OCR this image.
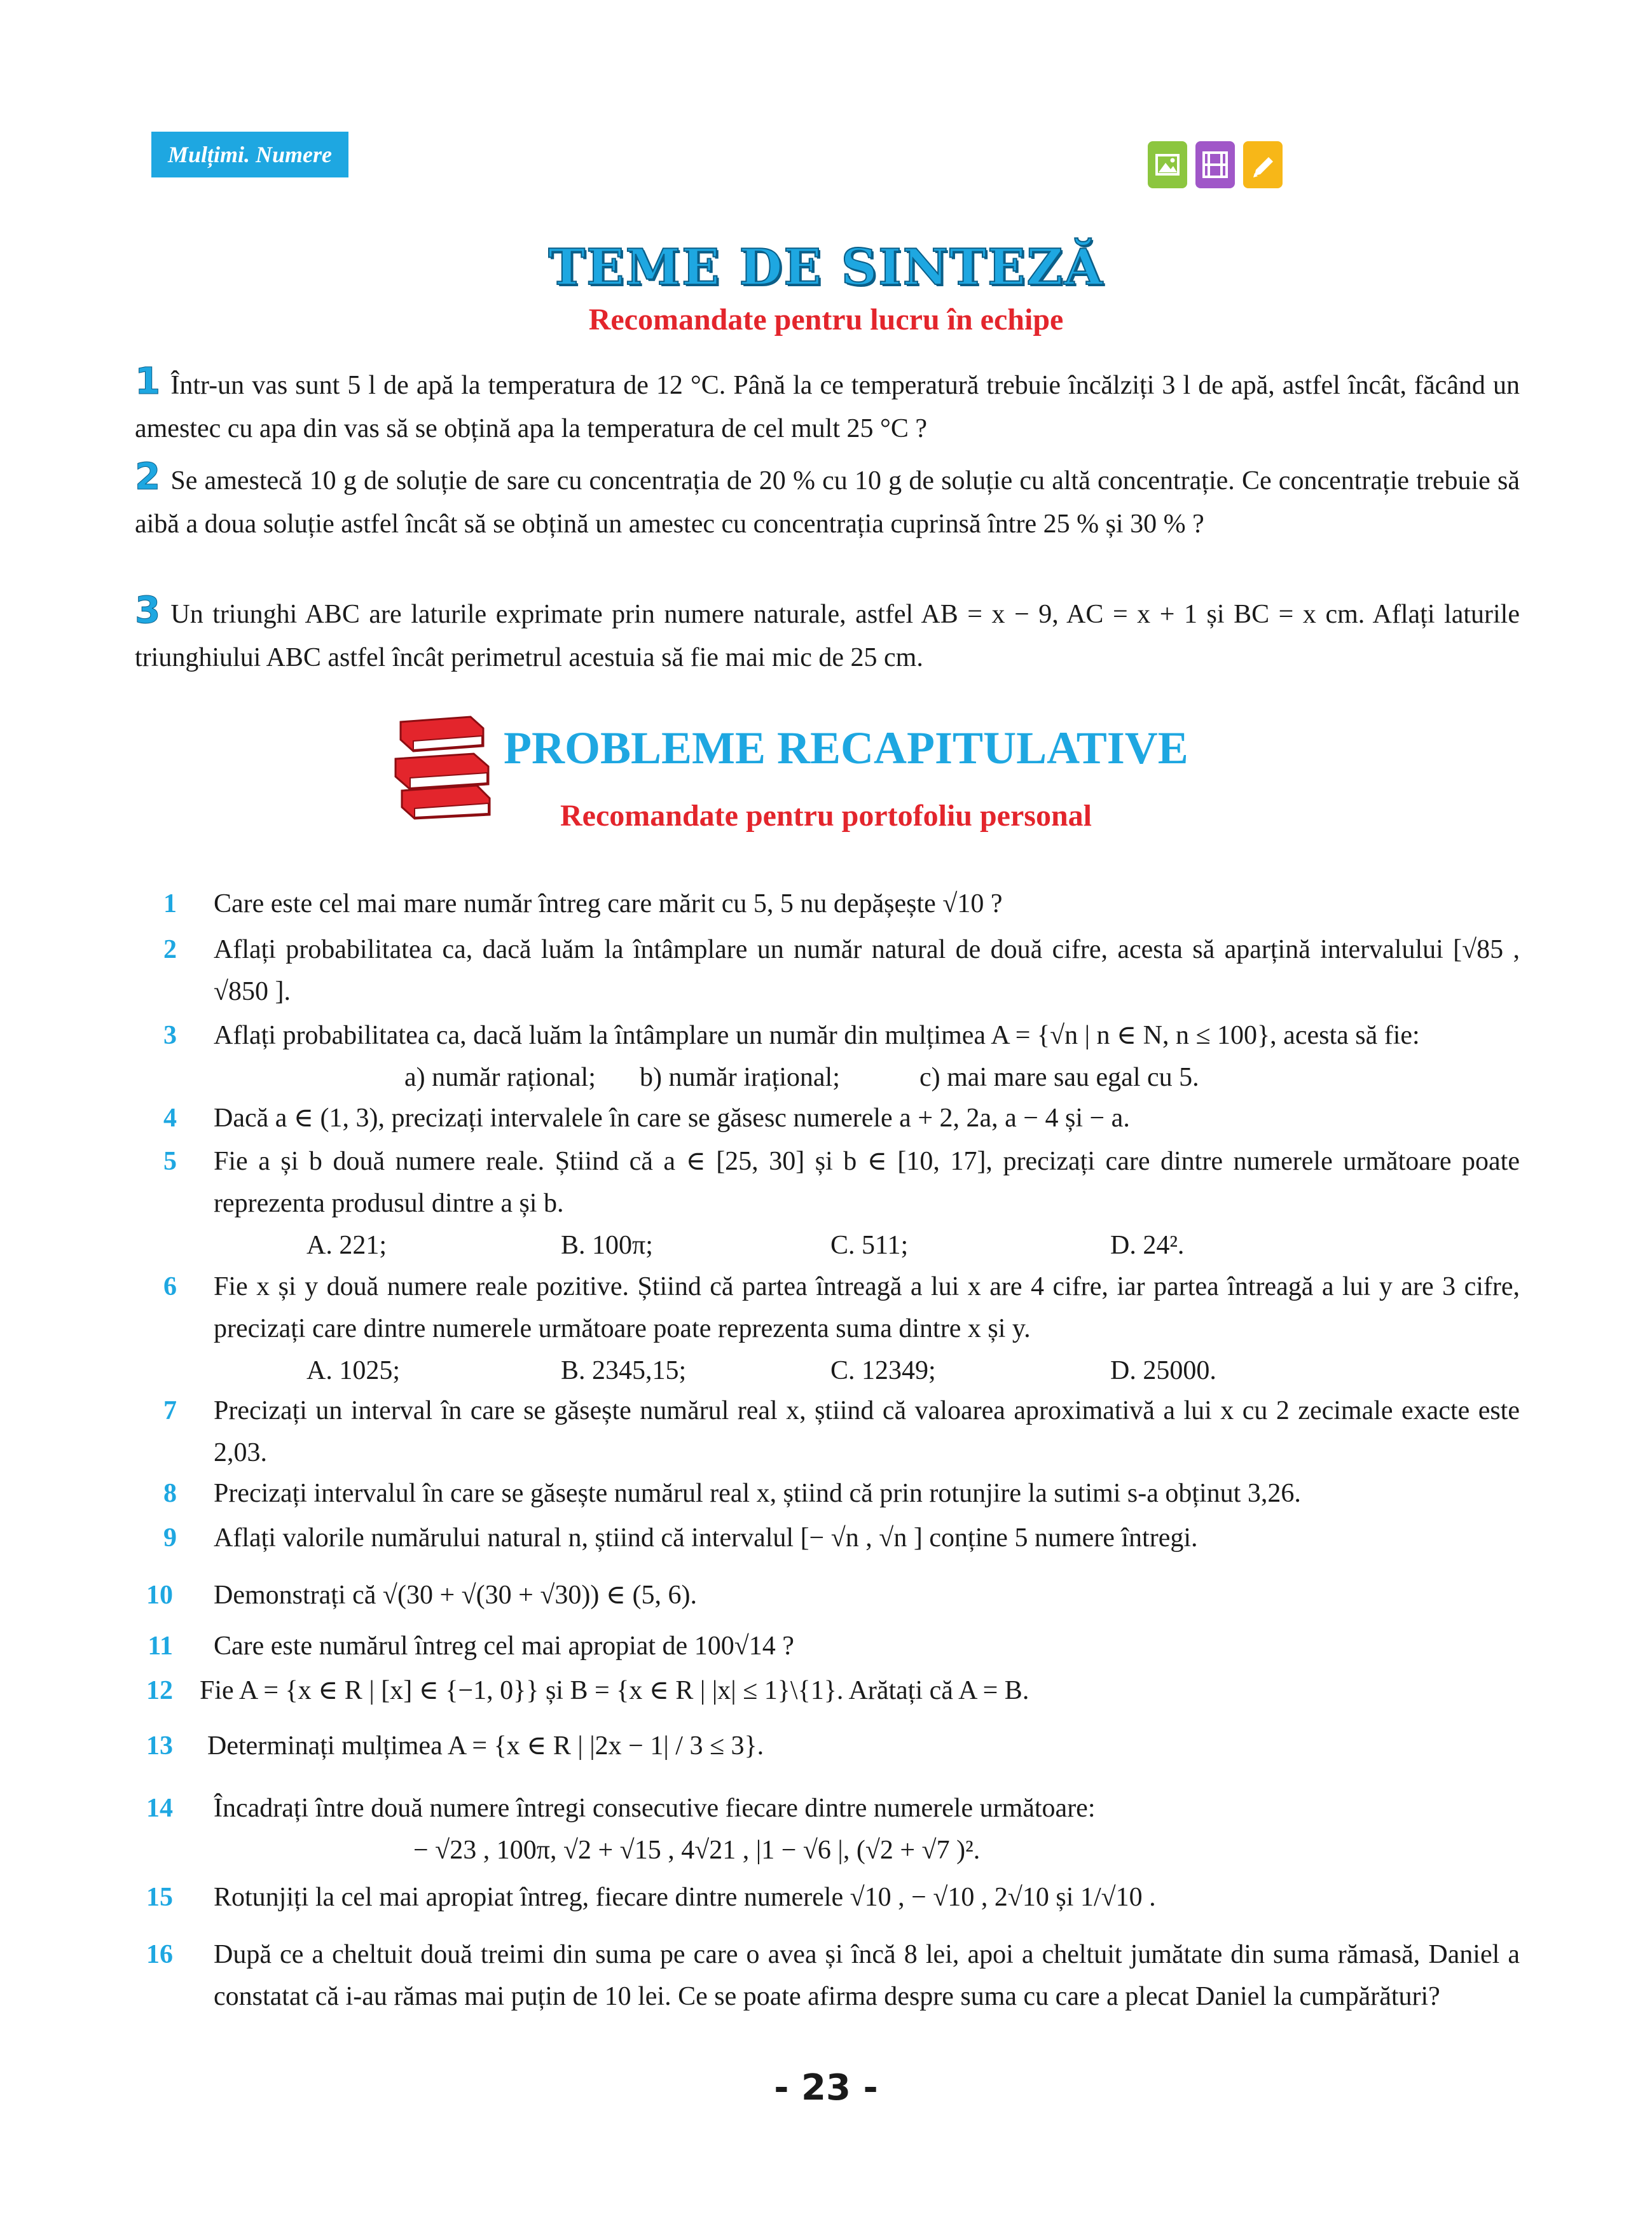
Mulțimi. Numere
TEME DE SINTEZĂ
Recomandate pentru lucru în echipe
1 Într-un vas sunt 5 l de apă la temperatura de 12 °C. Până la ce temperatură trebuie încălziți 3 l de apă, astfel încât, făcând un amestec cu apa din vas să se obțină apa la temperatura de cel mult 25 °C ?
2 Se amestecă 10 g de soluție de sare cu concentrația de 20 % cu 10 g de soluție cu altă concentrație. Ce concentrație trebuie să aibă a doua soluție astfel încât să se obțină un amestec cu concentrația cuprinsă între 25 % și 30 % ?
3 Un triunghi ABC are laturile exprimate prin numere naturale, astfel AB = x − 9, AC = x + 1 și BC = x cm. Aflați laturile triunghiului ABC astfel încât perimetrul acestuia să fie mai mic de 25 cm.
PROBLEME RECAPITULATIVE
Recomandate pentru portofoliu personal
1	Care este cel mai mare număr întreg care mărit cu 5, 5 nu depășește √10 ?
2	Aflați probabilitatea ca, dacă luăm la întâmplare un număr natural de două cifre, acesta să aparțină intervalului [√85 , √850 ].
3	Aflați probabilitatea ca, dacă luăm la întâmplare un număr din mulțimea A = {√n | n ∈ N, n ≤ 100}, acesta să fie:
a) număr rațional;	b) număr irațional;	c) mai mare sau egal cu 5.
4	Dacă a ∈ (1, 3), precizați intervalele în care se găsesc numerele a + 2, 2a, a − 4 și − a.
5	Fie a și b două numere reale. Știind că a ∈ [25, 30] și b ∈ [10, 17], precizați care dintre numerele următoare poate reprezenta produsul dintre a și b.
A. 221;	B. 100π;	C. 511;	D. 24².
6	Fie x și y două numere reale pozitive. Știind că partea întreagă a lui x are 4 cifre, iar partea întreagă a lui y are 3 cifre, precizați care dintre numerele următoare poate reprezenta suma dintre x și y.
A. 1025;	B. 2345,15;	C. 12349;	D. 25000.
7	Precizați un interval în care se găsește numărul real x, știind că valoarea aproximativă a lui x cu 2 zecimale exacte este 2,03.
8	Precizați intervalul în care se găsește numărul real x, știind că prin rotunjire la sutimi s-a obținut 3,26.
9	Aflați valorile numărului natural n, știind că intervalul [− √n , √n ] conține 5 numere întregi.
10	Demonstrați că √(30 + √(30 + √30)) ∈ (5, 6).
11	Care este numărul întreg cel mai apropiat de 100√14 ?
12	Fie A = {x ∈ R | [x] ∈ {−1, 0}} și B = {x ∈ R | |x| ≤ 1}\{1}. Arătați că A = B.
13	Determinați mulțimea A = {x ∈ R | |2x − 1| / 3 ≤ 3}.
14	Încadrați între două numere întregi consecutive fiecare dintre numerele următoare:
− √23 , 100π, √2 + √15 , 4√21 , |1 − √6 |, (√2 + √7 )².
15	Rotunjiți la cel mai apropiat întreg, fiecare dintre numerele √10 , − √10 , 2√10 și 1/√10 .
16	După ce a cheltuit două treimi din suma pe care o avea și încă 8 lei, apoi a cheltuit jumătate din suma rămasă, Daniel a constatat că i-au rămas mai puțin de 10 lei. Ce se poate afirma despre suma cu care a plecat Daniel la cumpărături?
- 23 -
